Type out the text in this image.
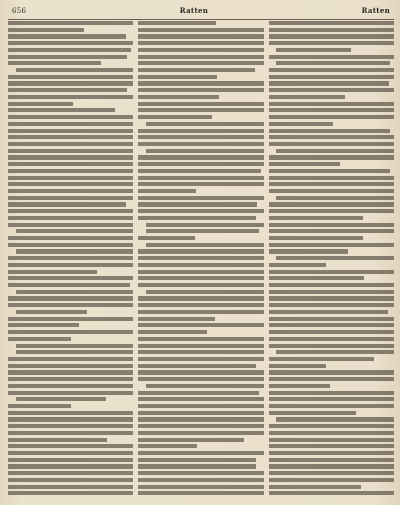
656	Ratten	Ratten
